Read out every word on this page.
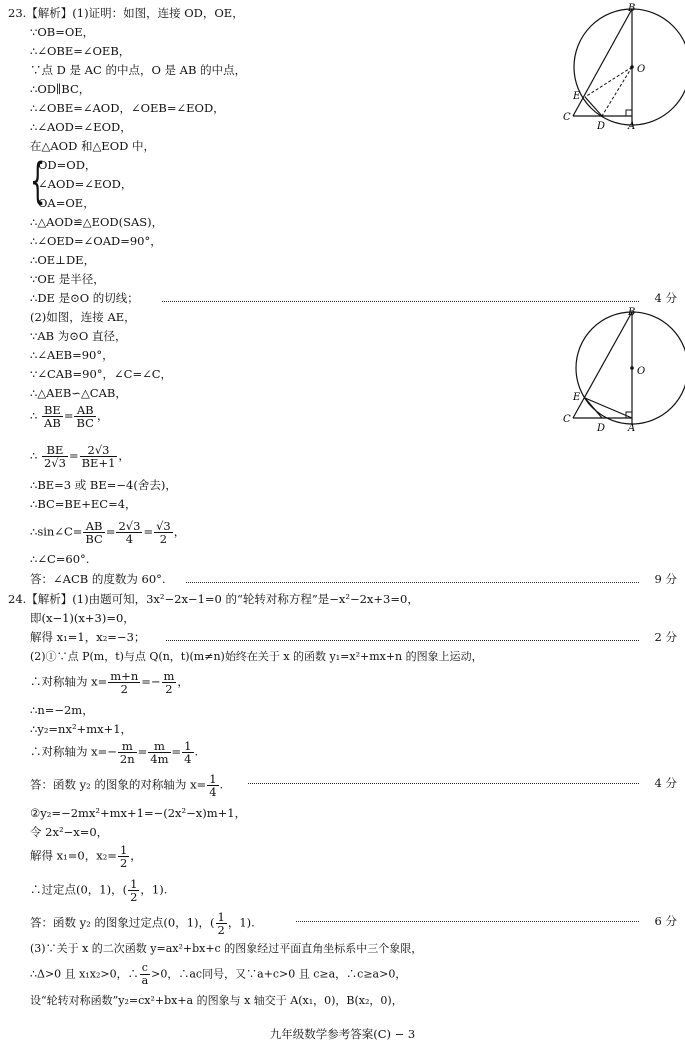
23.【解析】(1)证明：如图，连接 OD，OE，
∵OB=OE，
∴∠OBE=∠OEB，
∵点 D 是 AC 的中点，O 是 AB 的中点，
∴OD∥BC，
∴∠OBE=∠AOD，∠OEB=∠EOD，
∴∠AOD=∠EOD，
在△AOD 和△EOD 中，
{
OD=OD，
∠AOD=∠EOD，
OA=OE，
∴△AOD≌△EOD(SAS)，
∴∠OED=∠OAD=90°，
∴OE⊥DE，
∵OE 是半径，
∴DE 是⊙O 的切线；	4 分
(2)如图，连接 AE，
∵AB 为⊙O 直径，
∴∠AEB=90°，
∵∠CAB=90°，∠C=∠C，
∴△AEB∽△CAB，
∴ $\frac{BE}{AB} = \frac{AB}{BC}$ ，
∴ $\frac{BE}{2√3} = \frac{2√3}{BE+1}$ ，
∴BE=3 或 BE=−4(舍去)，
∴BC=BE+EC=4，
∴sin∠C= $\frac{AB}{BC} = \frac{2√3}{4} = \frac{√3}{2}$ ，
∴∠C=60°.
答：∠ACB 的度数为 60°.	9 分
24.【解析】(1)由题可知，3x²−2x−1=0 的“轮转对称方程”是−x²−2x+3=0，
即(x−1)(x+3)=0，
解得 x₁=1，x₂=−3；	2 分
(2)①∵点 P(m，t)与点 Q(n，t)(m≠n)始终在关于 x 的函数 y₁=x²+mx+n 的图象上运动，
∴对称轴为 $x= \frac{m+n}{2} =- \frac{m}{2}$ ，
∴n=−2m，
∴y₂=nx²+mx+1，
∴对称轴为 $x=- \frac{m}{2n} = \frac{m}{4m} = \frac{1}{4}$ .
答：函数 y₂ 的图象的对称轴为 $x= \frac{1}{4}$ .	4 分
②y₂=−2mx²+mx+1=−(2x²−x)m+1，
令 2x²−x=0，
解得 x₁=0，$x_2= \frac{1}{2}$ ，
∴过定点(0，1)，( $\frac{1}{2}$ ，1).
答：函数 y₂ 的图象过定点(0，1)，( $\frac{1}{2}$ ，1).	6 分
(3)∵关于 x 的二次函数 y=ax²+bx+c 的图象经过平面直角坐标系中三个象限，
∴Δ>0 且 x₁x₂>0，∴ $\frac{c}{a} >0$，∴ac同号，又∵a+c>0 且 c≥a，∴c≥a>0，
设“轮转对称函数”y₂=cx²+bx+a 的图象与 x 轴交于 A(x₁，0)，B(x₂，0)，
九年级数学参考答案(C) − 3
B
O
E
C
D A
B
O
E
C
D A
